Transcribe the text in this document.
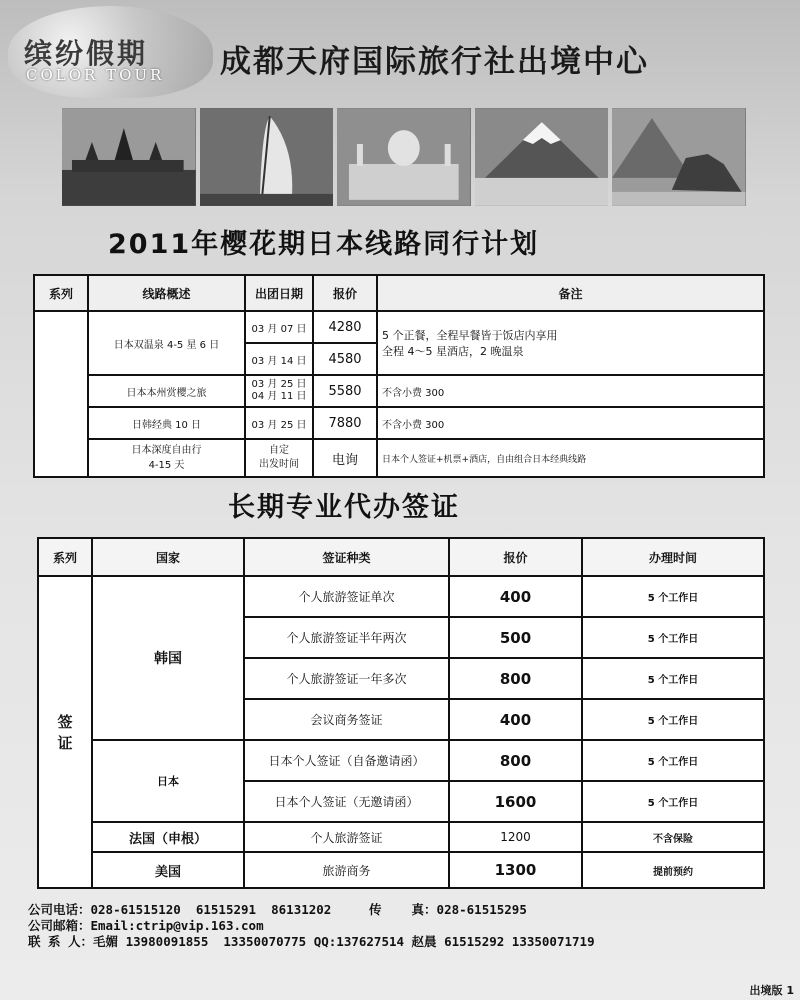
缤纷假期
COLOR TOUR 成都天府国际旅行社出境中心
2011年樱花期日本线路同行计划
系列	线路概述	出团日期	报价	备注
	日本双温泉 4-5 星 6 日	03 月 07 日	4280	5 个正餐，全程早餐皆于饭店内享用
全程 4～5 星酒店，2 晚温泉
		03 月 14 日	4580	
	日本本州赏樱之旅	03 月 25 日
04 月 11 日	5580	不含小费 300
	日韩经典 10 日	03 月 25 日	7880	不含小费 300
	日本深度自由行
4-15 天	自定
出发时间	电询	日本个人签证+机票+酒店，自由组合日本经典线路
长期专业代办签证
系列	国家	签证种类	报价	办理时间
签
证	韩国	个人旅游签证单次	400	5 个工作日
		个人旅游签证半年两次	500	5 个工作日
		个人旅游签证一年多次	800	5 个工作日
		会议商务签证	400	5 个工作日
	日本	日本个人签证（自备邀请函）	800	5 个工作日
		日本个人签证（无邀请函）	1600	5 个工作日
	法国（申根）	个人旅游签证	1200	不含保险
	美国	旅游商务	1300	提前预约
公司电话：028-61515120  61515291  86131202     传    真：028-61515295
公司邮箱：Email:ctrip@vip.163.com
联 系 人：毛媚 13980091855  13350070775 QQ:137627514 赵晨 61515292 13350071719
出境版 1
